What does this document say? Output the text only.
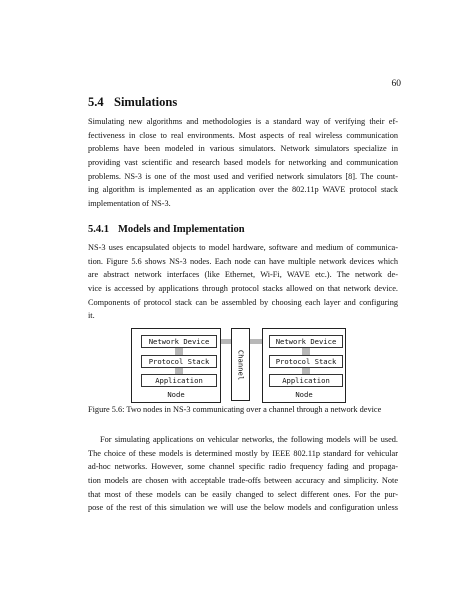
60
5.4 Simulations
Simulating new algorithms and methodologies is a standard way of verifying their ef-
fectiveness in close to real environments. Most aspects of real wireless communication
problems have been modeled in various simulators. Network simulators specialize in
providing vast scientific and research based models for networking and communication
problems. NS-3 is one of the most used and verified network simulators [8]. The count-
ing algorithm is implemented as an application over the 802.11p WAVE protocol stack
implementation of NS-3.
5.4.1 Models and Implementation
NS-3 uses encapsulated objects to model hardware, software and medium of communica-
tion. Figure 5.6 shows NS-3 nodes. Each node can have multiple network devices which
are abstract network interfaces (like Ethernet, Wi-Fi, WAVE etc.). The network de-
vice is accessed by applications through protocol stacks allowed on that network device.
Components of protocol stack can be assembled by choosing each layer and configuring
it.
Network Device
Protocol Stack
Application
Node
Channel
Network Device
Protocol Stack
Application
Node
Figure 5.6: Two nodes in NS-3 communicating over a channel through a network device
For simulating applications on vehicular networks, the following models will be used.
The choice of these models is determined mostly by IEEE 802.11p standard for vehicular
ad-hoc networks. However, some channel specific radio frequency fading and propaga-
tion models are chosen with acceptable trade-offs between accuracy and simplicity. Note
that most of these models can be easily changed to select different ones. For the pur-
pose of the rest of this simulation we will use the below models and configuration unless
